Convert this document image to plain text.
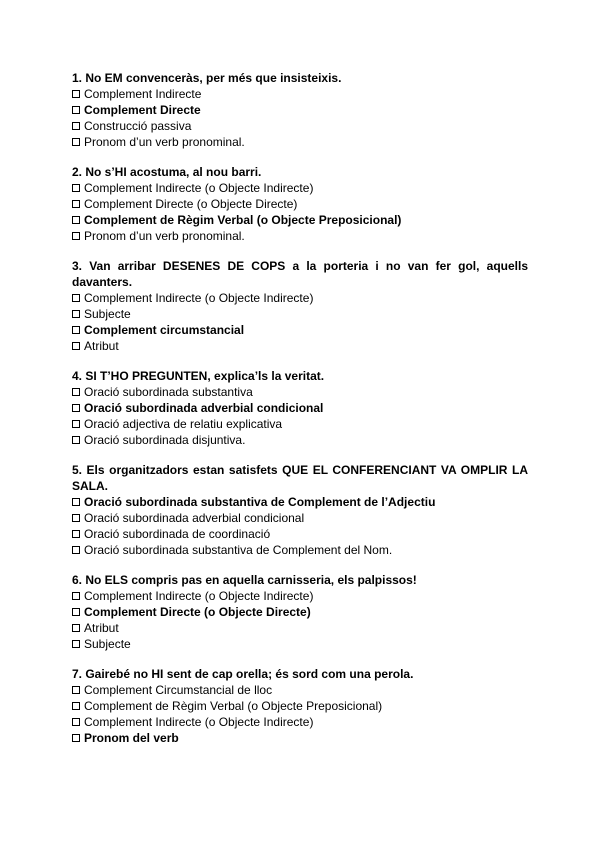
1. No EM convenceràs, per més que insisteixis.
Complement Indirecte
Complement Directe
Construcció passiva
Pronom d’un verb pronominal.
2. No s’HI acostuma, al nou barri.
Complement Indirecte (o Objecte Indirecte)
Complement Directe (o Objecte Directe)
Complement de Règim Verbal (o Objecte Preposicional)
Pronom d’un verb pronominal.
3. Van arribar DESENES DE COPS a la porteria i no van fer gol, aquells davanters.
Complement Indirecte (o Objecte Indirecte)
Subjecte
Complement circumstancial
Atribut
4. SI T’HO PREGUNTEN, explica’ls la veritat.
Oració subordinada substantiva
Oració subordinada adverbial condicional
Oració adjectiva de relatiu explicativa
Oració subordinada disjuntiva.
5. Els organitzadors estan satisfets QUE EL CONFERENCIANT VA OMPLIR LA SALA.
Oració subordinada substantiva de Complement de l’Adjectiu
Oració subordinada adverbial condicional
Oració subordinada de coordinació
Oració subordinada substantiva de Complement del Nom.
6. No ELS compris pas en aquella carnisseria, els palpissos!
Complement Indirecte (o Objecte Indirecte)
Complement Directe (o Objecte Directe)
Atribut
Subjecte
7. Gairebé no HI sent de cap orella; és sord com una perola.
Complement Circumstancial de lloc
Complement de Règim Verbal (o Objecte Preposicional)
Complement Indirecte (o Objecte Indirecte)
Pronom del verb
